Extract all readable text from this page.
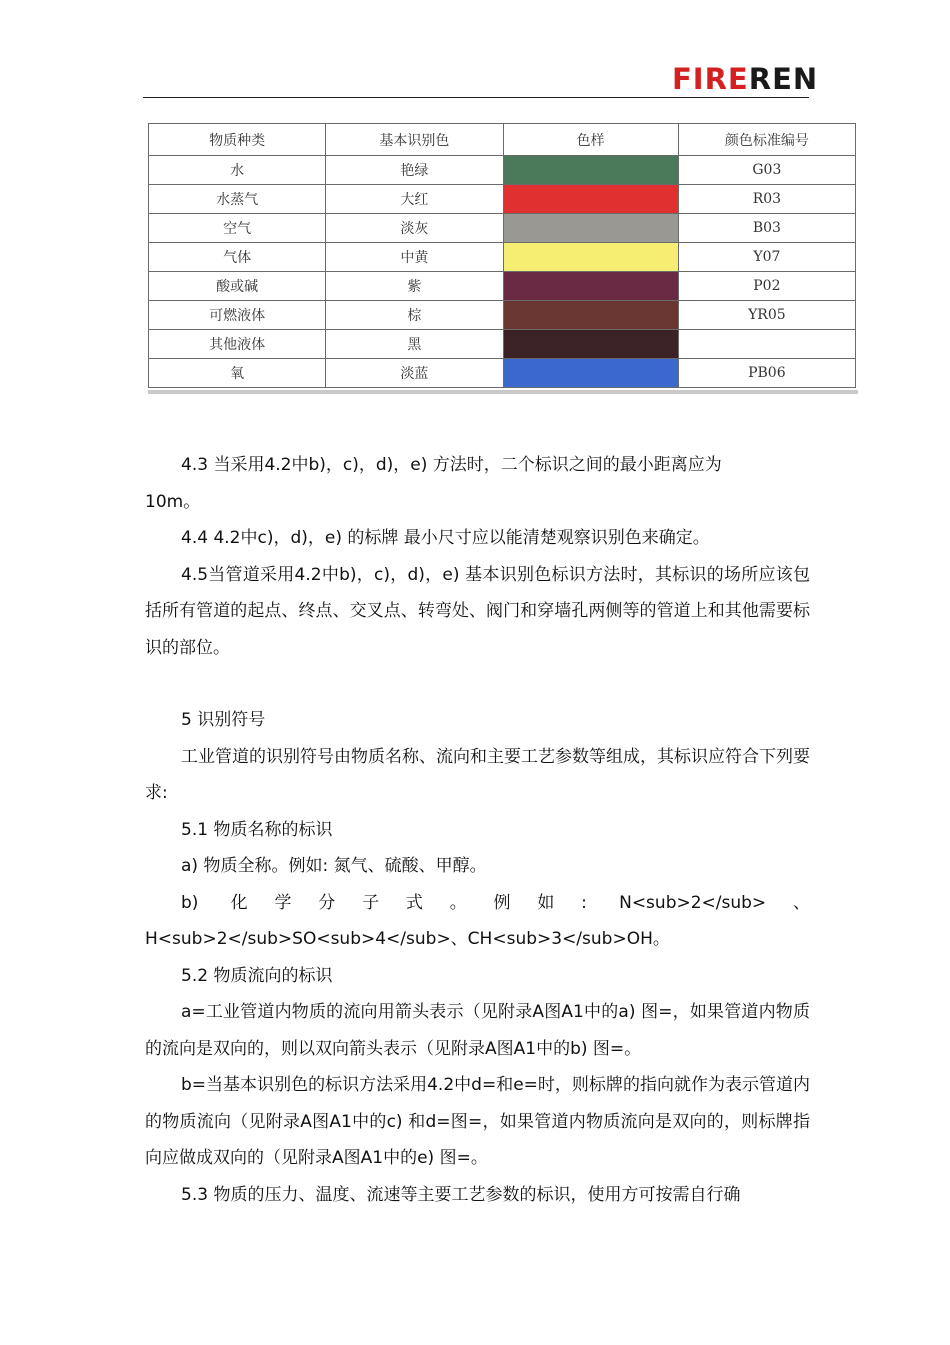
FIREREN
物质种类	基本识别色	色样	颜色标准编号
水	艳绿		G03
水蒸气	大红		R03
空气	淡灰		B03
气体	中黄		Y07
酸或碱	紫		P02
可燃液体	棕		YR05
其他液体	黑		
氧	淡蓝		PB06

4.3 当采用4.2中b)，c)，d)，e) 方法时，二个标识之间的最小距离应为

10m。

4.4 4.2中c)，d)，e) 的标牌 最小尺寸应以能清楚观察识别色来确定。

4.5当管道采用4.2中b)，c)，d)，e) 基本识别色标识方法时，其标识的场所应该包括所有管道的起点、终点、交叉点、转弯处、阀门和穿墙孔两侧等的管道上和其他需要标识的部位。

5 识别符号

工业管道的识别符号由物质名称、流向和主要工艺参数等组成，其标识应符合下列要求:

5.1 物质名称的标识

a) 物质全称。例如: 氮气、硫酸、甲醇。

b) 化学分子式。例如: N<sub>2</sub>、H<sub>2</sub>SO<sub>4</sub>、CH<sub>3</sub>OH。

5.2 物质流向的标识

a=工业管道内物质的流向用箭头表示（见附录A图A1中的a) 图=，如果管道内物质的流向是双向的，则以双向箭头表示（见附录A图A1中的b) 图=。

b=当基本识别色的标识方法采用4.2中d=和e=时，则标牌的指向就作为表示管道内的物质流向（见附录A图A1中的c) 和d=图=，如果管道内物质流向是双向的，则标牌指向应做成双向的（见附录A图A1中的e) 图=。

5.3 物质的压力、温度、流速等主要工艺参数的标识，使用方可按需自行确
